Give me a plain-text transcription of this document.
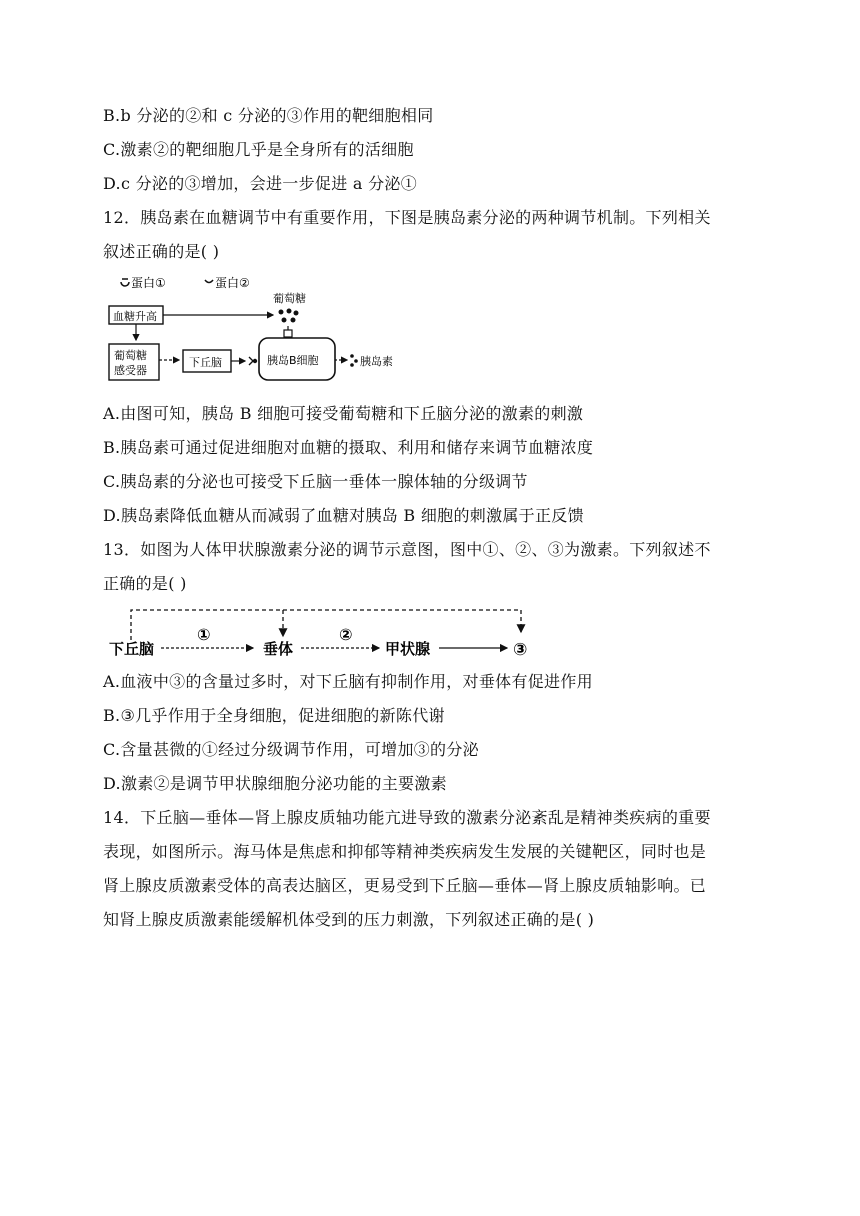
B.b 分泌的②和 c 分泌的③作用的靶细胞相同
C.激素②的靶细胞几乎是全身所有的活细胞
D.c 分泌的③增加，会进一步促进 a 分泌①
12．胰岛素在血糖调节中有重要作用，下图是胰岛素分泌的两种调节机制。下列相关
叙述正确的是( )
蛋白①	蛋白②
葡萄糖
血糖升高
葡萄糖
感受器
下丘脑	胰岛B细胞	胰岛素
A.由图可知，胰岛 B 细胞可接受葡萄糖和下丘脑分泌的激素的刺激
B.胰岛素可通过促进细胞对血糖的摄取、利用和储存来调节血糖浓度
C.胰岛素的分泌也可接受下丘脑一垂体一腺体轴的分级调节
D.胰岛素降低血糖从而减弱了血糖对胰岛 B 细胞的刺激属于正反馈
13．如图为人体甲状腺激素分泌的调节示意图，图中①、②、③为激素。下列叙述不
正确的是( )
下丘脑
①
垂体
②
甲状腺	③
A.血液中③的含量过多时，对下丘脑有抑制作用，对垂体有促进作用
B.③几乎作用于全身细胞，促进细胞的新陈代谢
C.含量甚微的①经过分级调节作用，可增加③的分泌
D.激素②是调节甲状腺细胞分泌功能的主要激素
14．下丘脑—垂体—肾上腺皮质轴功能亢进导致的激素分泌紊乱是精神类疾病的重要
表现，如图所示。海马体是焦虑和抑郁等精神类疾病发生发展的关键靶区，同时也是
肾上腺皮质激素受体的高表达脑区，更易受到下丘脑—垂体—肾上腺皮质轴影响。已
知肾上腺皮质激素能缓解机体受到的压力刺激，下列叙述正确的是( )
